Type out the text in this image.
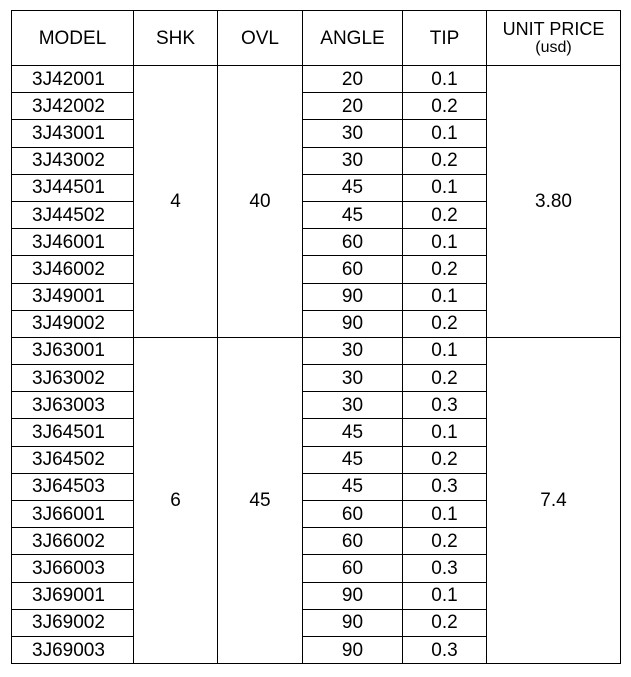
MODEL	SHK	OVL	ANGLE	TIP	UNIT PRICE
(usd)

3J42001	4	40	20	0.1	3.80
3J42002			20	0.2	
3J43001			30	0.1	
3J43002			30	0.2	
3J44501			45	0.1	
3J44502			45	0.2	
3J46001			60	0.1	
3J46002			60	0.2	
3J49001			90	0.1	
3J49002			90	0.2	
3J63001	6	45	30	0.1	7.4
3J63002			30	0.2	
3J63003			30	0.3	
3J64501			45	0.1	
3J64502			45	0.2	
3J64503			45	0.3	
3J66001			60	0.1	
3J66002			60	0.2	
3J66003			60	0.3	
3J69001			90	0.1	
3J69002			90	0.2	
3J69003			90	0.3	
